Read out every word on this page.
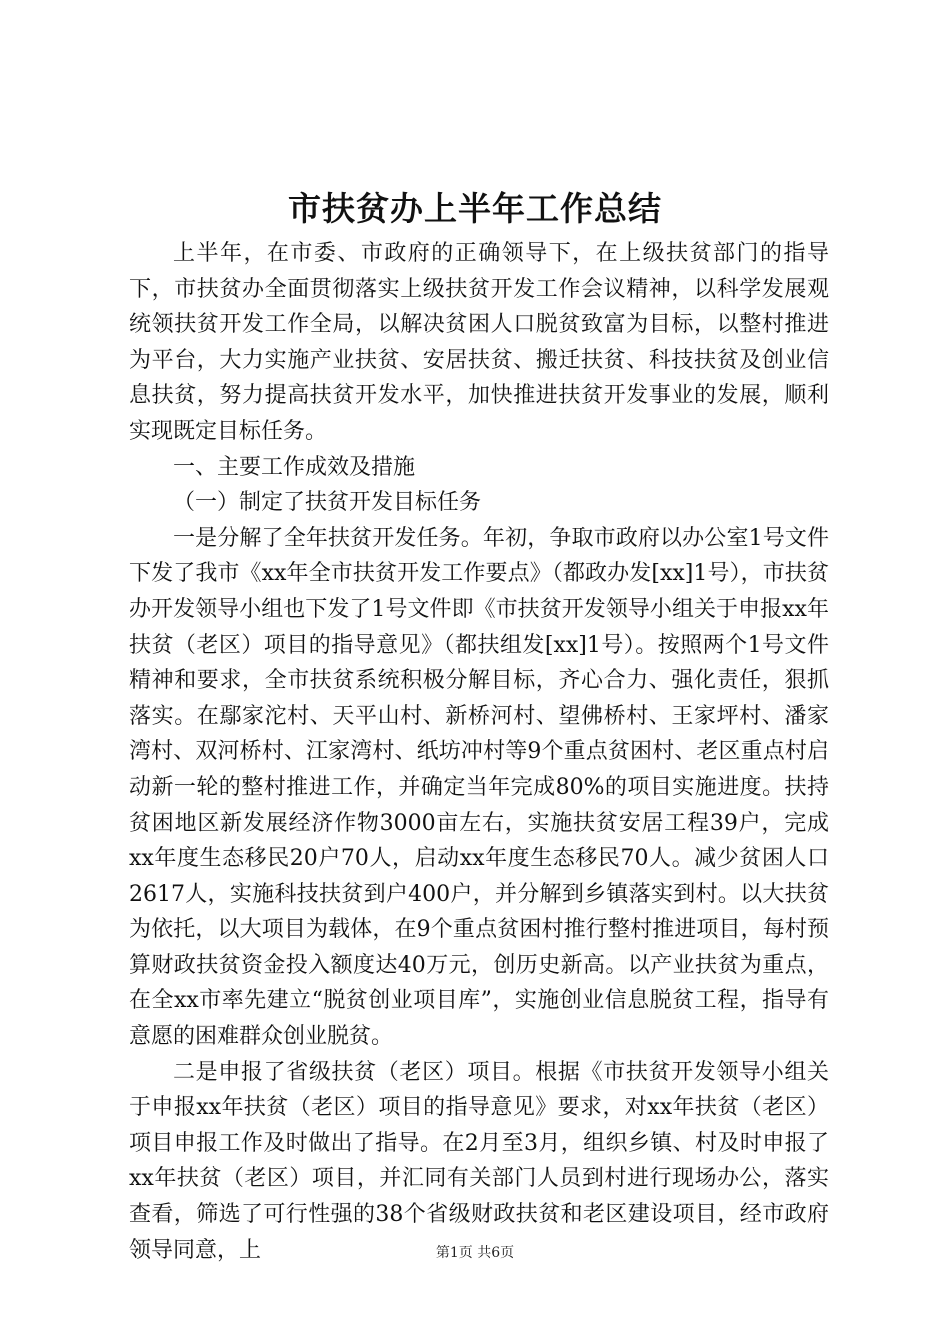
市扶贫办上半年工作总结

上半年，在市委、市政府的正确领导下，在上级扶贫部门的指导下，市扶贫办全面贯彻落实上级扶贫开发工作会议精神，以科学发展观统领扶贫开发工作全局，以解决贫困人口脱贫致富为目标，以整村推进为平台，大力实施产业扶贫、安居扶贫、搬迁扶贫、科技扶贫及创业信息扶贫，努力提高扶贫开发水平，加快推进扶贫开发事业的发展，顺利实现既定目标任务。

一、主要工作成效及措施

（一）制定了扶贫开发目标任务

一是分解了全年扶贫开发任务。年初，争取市政府以办公室1号文件下发了我市《xx年全市扶贫开发工作要点》（都政办发[xx]1号），市扶贫办开发领导小组也下发了1号文件即《市扶贫开发领导小组关于申报xx年扶贫（老区）项目的指导意见》（都扶组发[xx]1号）。按照两个1号文件精神和要求，全市扶贫系统积极分解目标，齐心合力、强化责任，狠抓落实。在鄢家沱村、天平山村、新桥河村、望佛桥村、王家坪村、潘家湾村、双河桥村、江家湾村、纸坊冲村等9个重点贫困村、老区重点村启动新一轮的整村推进工作，并确定当年完成80%的项目实施进度。扶持贫困地区新发展经济作物3000亩左右，实施扶贫安居工程39户，完成xx年度生态移民20户70人，启动xx年度生态移民70人。减少贫困人口2617人，实施科技扶贫到户400户，并分解到乡镇落实到村。以大扶贫为依托，以大项目为载体，在9个重点贫困村推行整村推进项目，每村预算财政扶贫资金投入额度达40万元，创历史新高。以产业扶贫为重点，在全xx市率先建立“脱贫创业项目库”，实施创业信息脱贫工程，指导有意愿的困难群众创业脱贫。

二是申报了省级扶贫（老区）项目。根据《市扶贫开发领导小组关于申报xx年扶贫（老区）项目的指导意见》要求，对xx年扶贫（老区）项目申报工作及时做出了指导。在2月至3月，组织乡镇、村及时申报了xx年扶贫（老区）项目，并汇同有关部门人员到村进行现场办公，落实查看，筛选了可行性强的38个省级财政扶贫和老区建设项目，经市政府领导同意，上	第1页 共6页
